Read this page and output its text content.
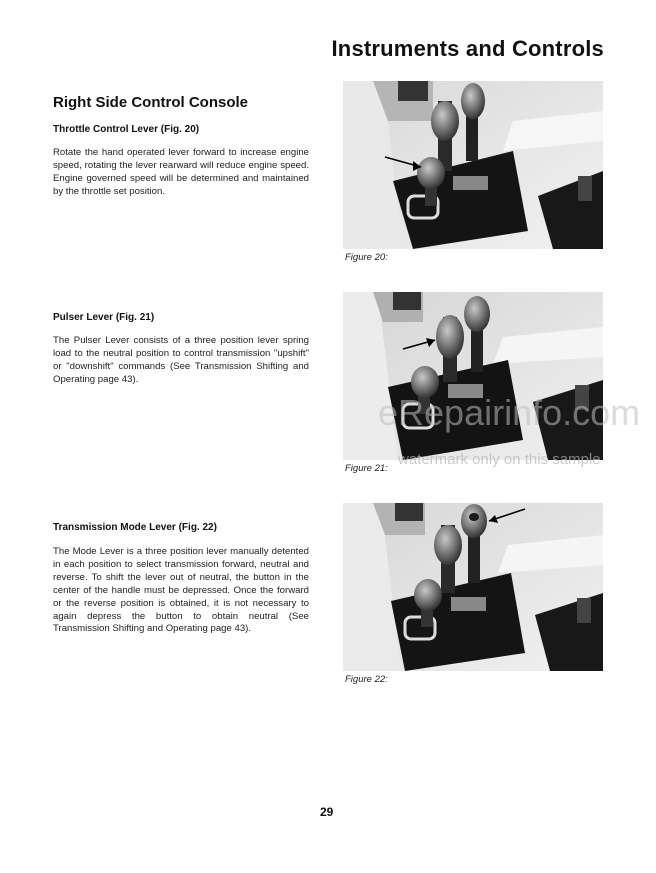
Instruments and Controls
Right Side Control Console
Throttle Control Lever (Fig. 20)
Rotate the hand operated lever forward to increase engine speed, rotating the lever rearward will reduce engine speed. Engine governed speed will be determined and maintained by the throttle set position.
Pulser Lever (Fig. 21)
The Pulser Lever consists of a three position lever spring load to the neutral position to control transmission "upshift" or "downshift" commands (See Transmission Shifting and Operating page 43).
Transmission Mode Lever (Fig. 22)
The Mode Lever is a three position lever manually detented in each position to select transmission forward, neutral and reverse. To shift the lever out of neutral, the button in the center of the handle must be depressed. Once the forward or the reverse position is obtained, it is not necessary to again depress the button to obtain neutral (See Transmission Shifting and Operating page 43).
Figure 20:
Figure 21:
Figure 22:
eRepairinfo.com
watermark only on this sample
29
